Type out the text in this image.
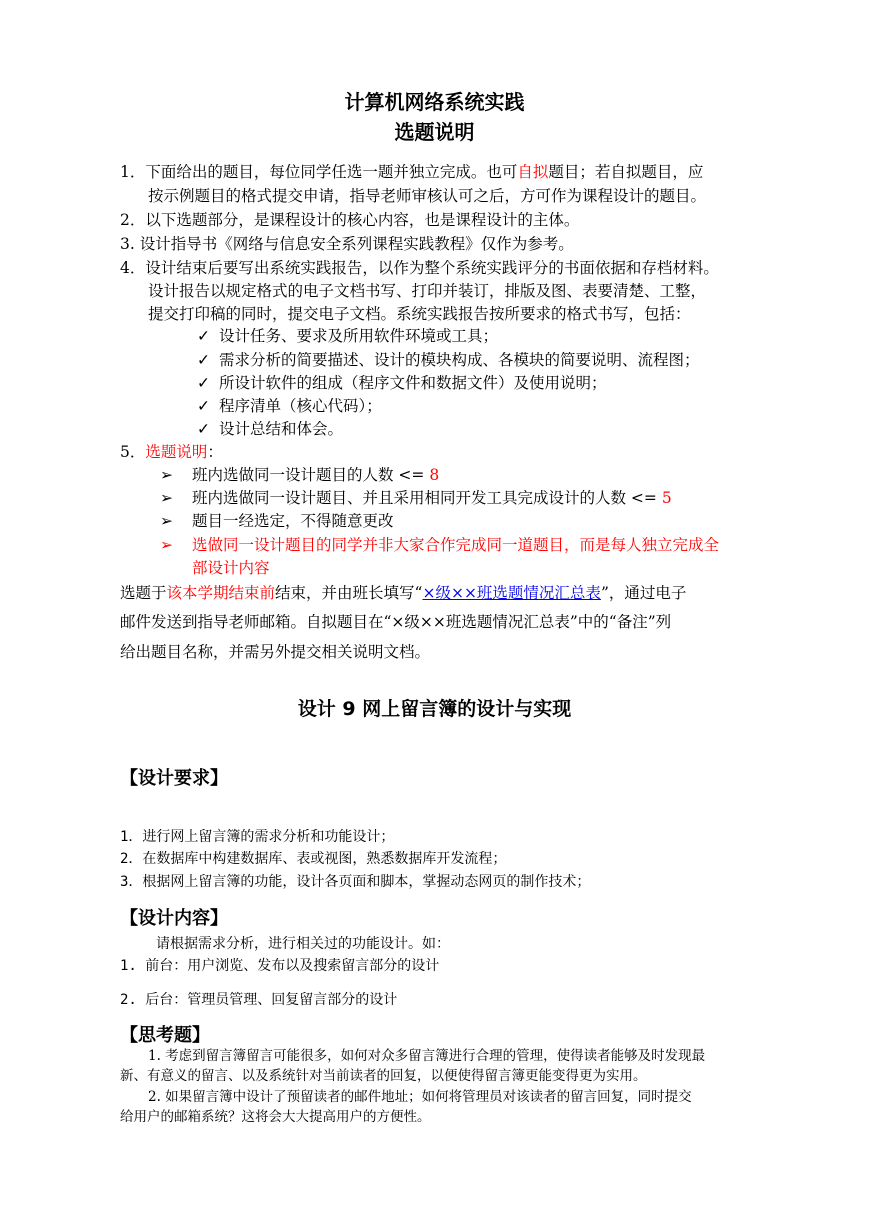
计算机网络系统实践
选题说明
1．下面给出的题目，每位同学任选一题并独立完成。也可自拟题目；若自拟题目，应
按示例题目的格式提交申请，指导老师审核认可之后，方可作为课程设计的题目。
2．以下选题部分，是课程设计的核心内容，也是课程设计的主体。
3. 设计指导书《网络与信息安全系列课程实践教程》仅作为参考。
4．设计结束后要写出系统实践报告，以作为整个系统实践评分的书面依据和存档材料。
设计报告以规定格式的电子文档书写、打印并装订，排版及图、表要清楚、工整，
提交打印稿的同时，提交电子文档。系统实践报告按所要求的格式书写，包括：
✓ 设计任务、要求及所用软件环境或工具；
✓ 需求分析的简要描述、设计的模块构成、各模块的简要说明、流程图；
✓ 所设计软件的组成（程序文件和数据文件）及使用说明；
✓ 程序清单（核心代码）；
✓ 设计总结和体会。
5．选题说明：
➢ 班内选做同一设计题目的人数 <= 8
➢ 班内选做同一设计题目、并且采用相同开发工具完成设计的人数 <= 5
➢ 题目一经选定，不得随意更改
➢ 选做同一设计题目的同学并非大家合作完成同一道题目，而是每人独立完成全
部设计内容
选题于该本学期结束前结束，并由班长填写“×级××班选题情况汇总表”，通过电子
邮件发送到指导老师邮箱。自拟题目在“×级××班选题情况汇总表”中的“备注”列
给出题目名称，并需另外提交相关说明文档。
设计 9 网上留言簿的设计与实现
【设计要求】
1．进行网上留言簿的需求分析和功能设计；
2．在数据库中构建数据库、表或视图，熟悉数据库开发流程；
3．根据网上留言簿的功能，设计各页面和脚本，掌握动态网页的制作技术；
【设计内容】
请根据需求分析，进行相关过的功能设计。如：
1. 前台：用户浏览、发布以及搜索留言部分的设计
2. 后台：管理员管理、回复留言部分的设计
【思考题】
1. 考虑到留言簿留言可能很多，如何对众多留言簿进行合理的管理，使得读者能够及时发现最
新、有意义的留言、以及系统针对当前读者的回复，以便使得留言簿更能变得更为实用。
2. 如果留言簿中设计了预留读者的邮件地址；如何将管理员对该读者的留言回复，同时提交
给用户的邮箱系统？这将会大大提高用户的方便性。
